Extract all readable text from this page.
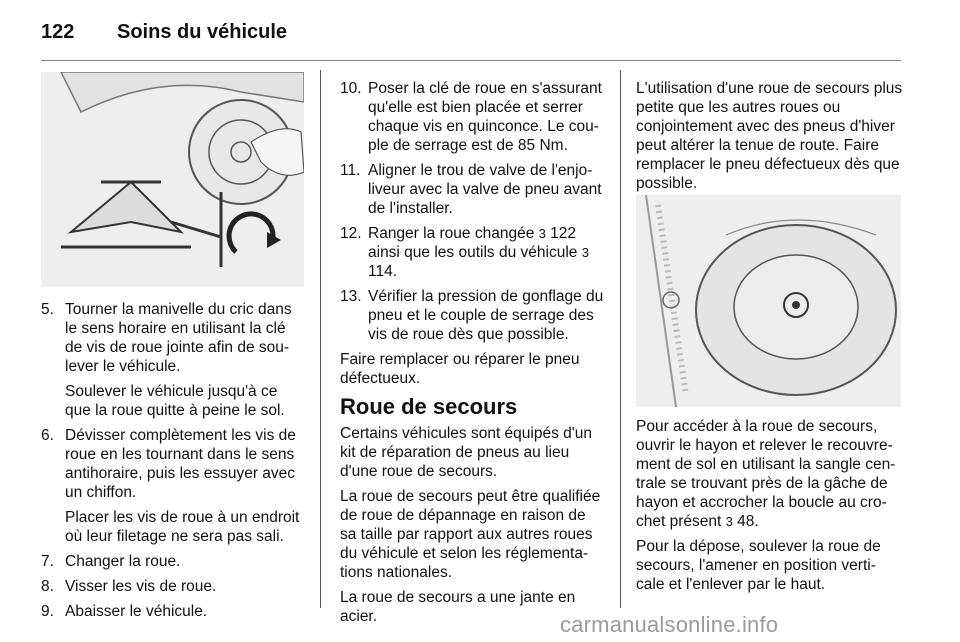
122 Soins du véhicule
5. Tourner la manivelle du cric dans le sens horaire en utilisant la clé de vis de roue jointe afin de sou-lever le véhicule.
Soulever le véhicule jusqu'à ce que la roue quitte à peine le sol.
6. Dévisser complètement les vis de roue en les tournant dans le sens antihoraire, puis les essuyer avec un chiffon.
Placer les vis de roue à un endroit où leur filetage ne sera pas sali.
7. Changer la roue.
8. Visser les vis de roue.
9. Abaisser le véhicule.
10. Poser la clé de roue en s'assurant qu'elle est bien placée et serrer chaque vis en quinconce. Le cou-ple de serrage est de 85 Nm.
11. Aligner le trou de valve de l'enjo-liveur avec la valve de pneu avant de l'installer.
12. Ranger la roue changée 3 122 ainsi que les outils du véhicule 3 114.
13. Vérifier la pression de gonflage du pneu et le couple de serrage des vis de roue dès que possible.

Faire remplacer ou réparer le pneu défectueux.

Roue de secours

Certains véhicules sont équipés d'un kit de réparation de pneus au lieu d'une roue de secours.

La roue de secours peut être qualifiée de roue de dépannage en raison de sa taille par rapport aux autres roues du véhicule et selon les réglementa-tions nationales.

La roue de secours a une jante en acier.

L'utilisation d'une roue de secours plus petite que les autres roues ou conjointement avec des pneus d'hiver peut altérer la tenue de route. Faire remplacer le pneu défectueux dès que possible.

Pour accéder à la roue de secours, ouvrir le hayon et relever le recouvre-ment de sol en utilisant la sangle cen-trale se trouvant près de la gâche de hayon et accrocher la boucle au cro-chet présent 3 48.

Pour la dépose, soulever la roue de secours, l'amener en position verti-cale et l'enlever par le haut.

carmanualsonline.info
